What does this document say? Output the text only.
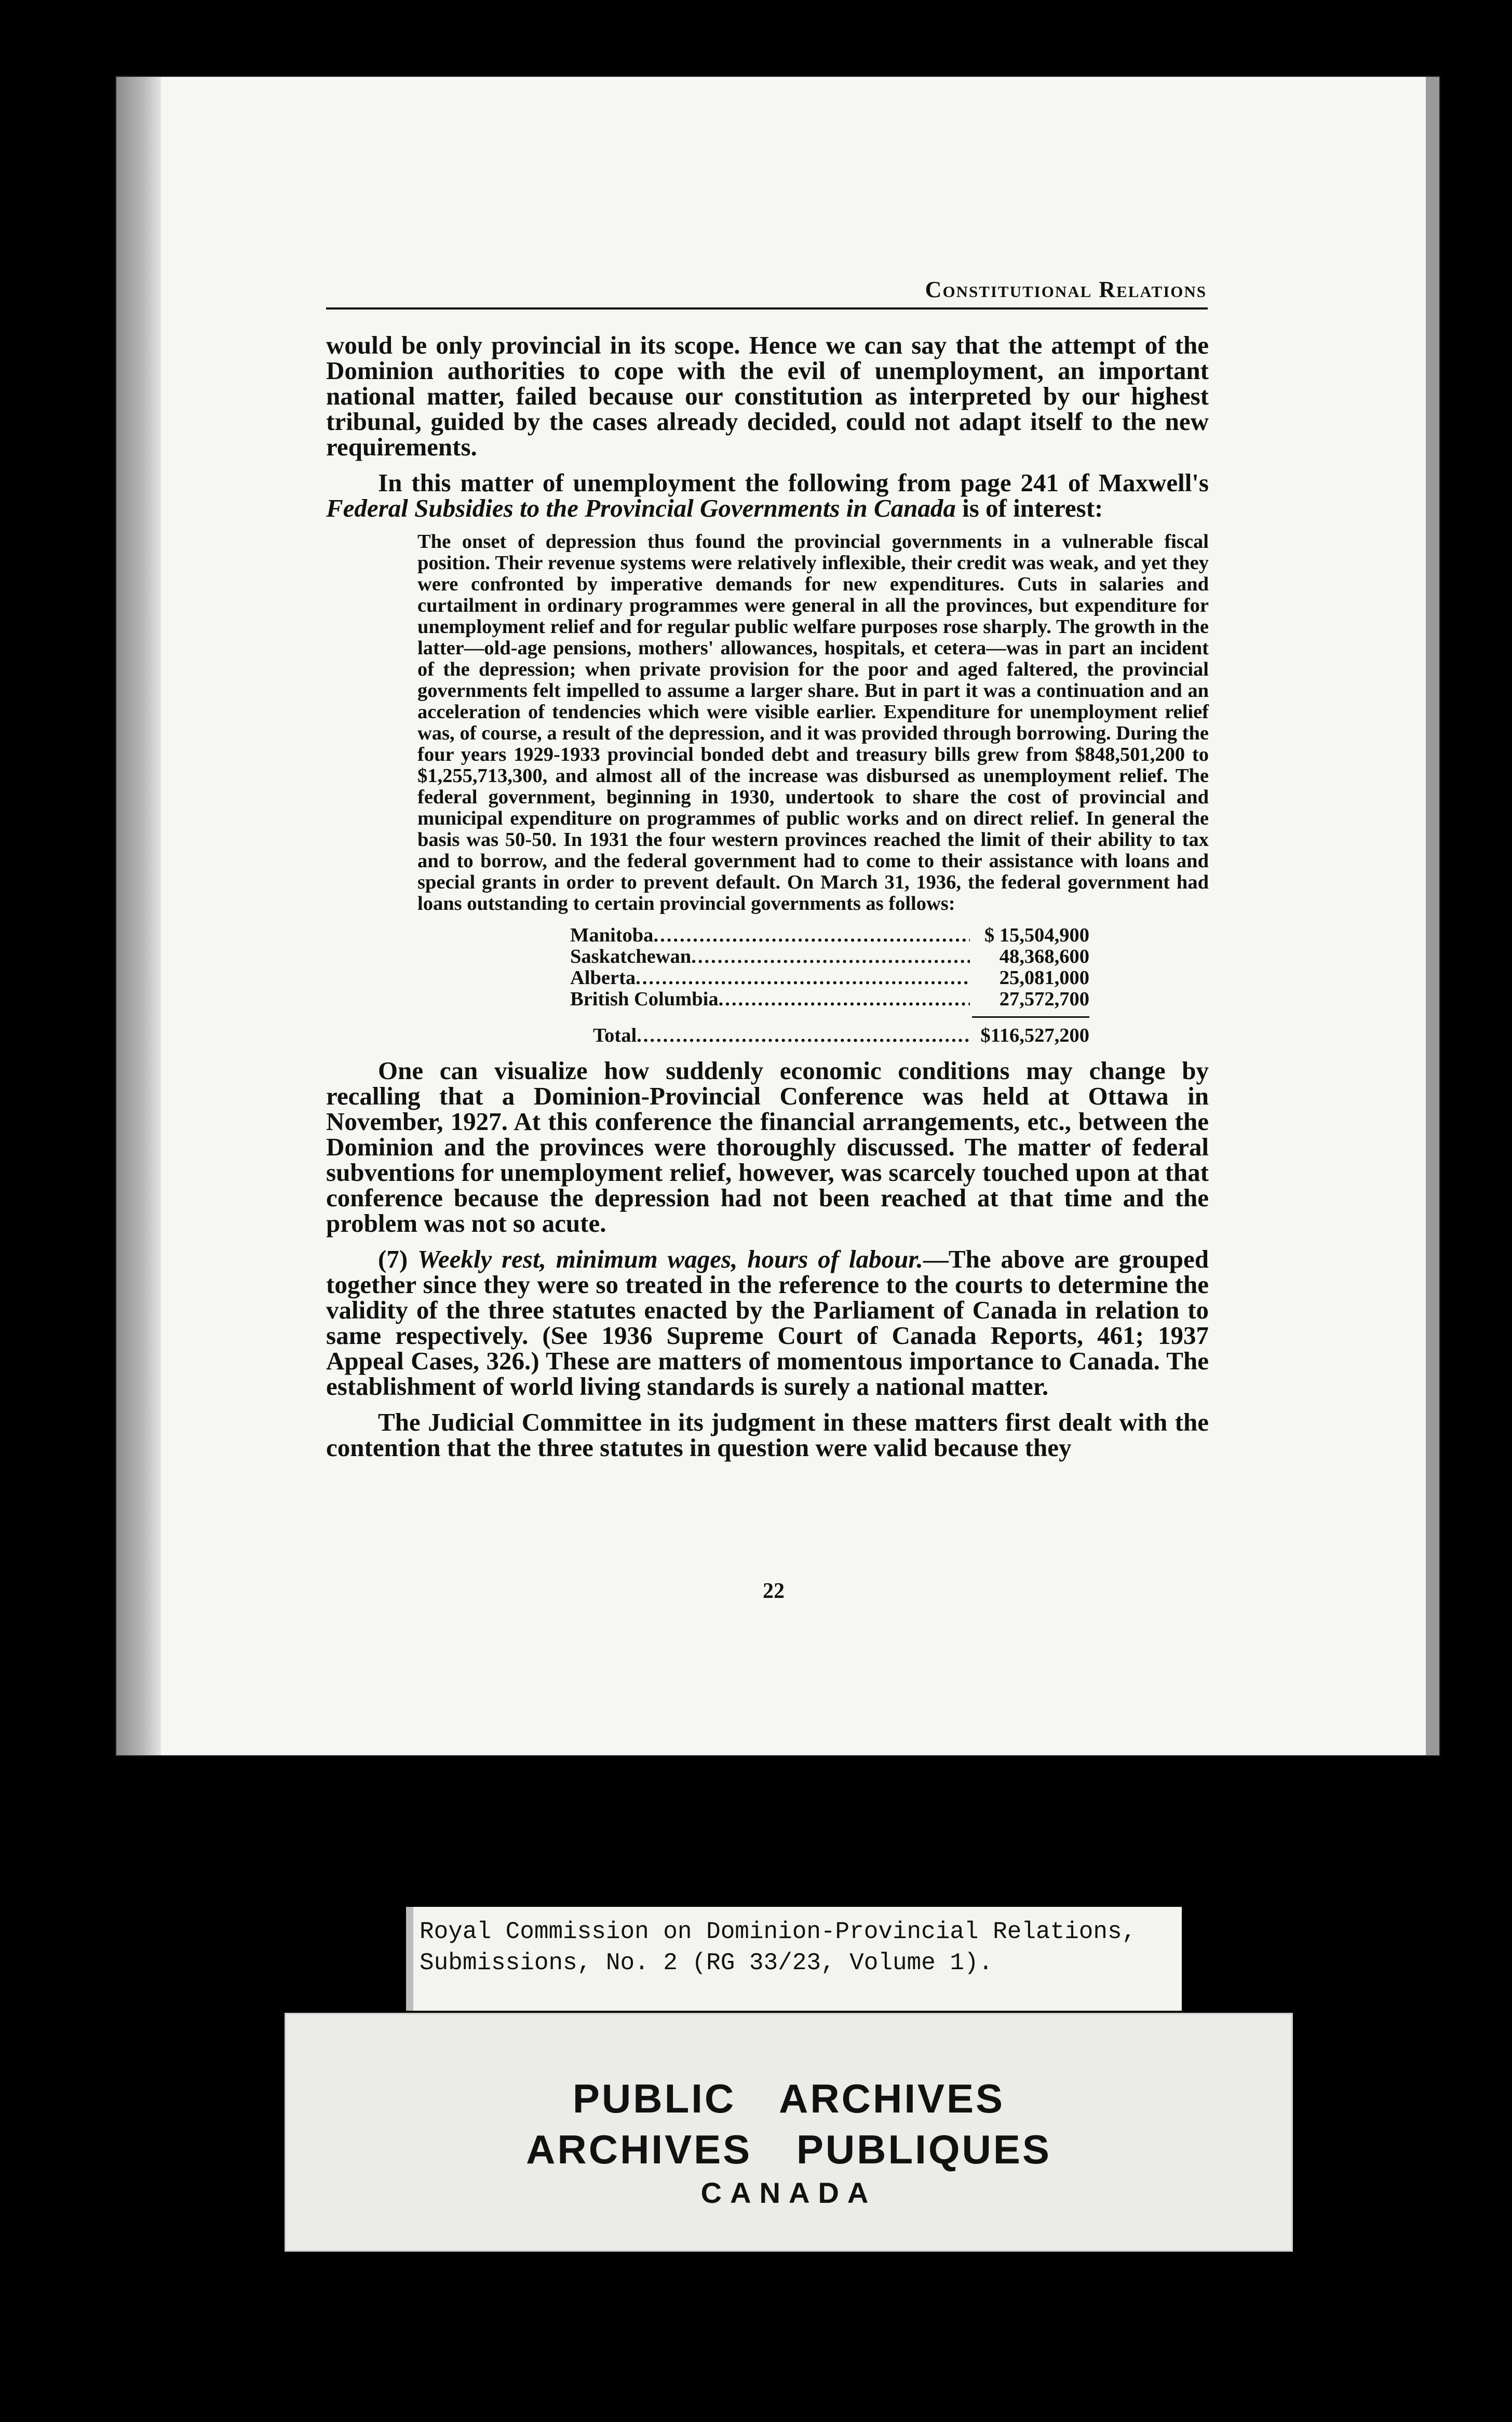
Constitutional Relations

would be only provincial in its scope. Hence we can say that the attempt of the Dominion authorities to cope with the evil of unemployment, an important national matter, failed because our constitution as interpreted by our highest tribunal, guided by the cases already decided, could not adapt itself to the new requirements.

In this matter of unemployment the following from page 241 of Maxwell's Federal Subsidies to the Provincial Governments in Canada is of interest:

The onset of depression thus found the provincial governments in a vulnerable fiscal position. Their revenue systems were relatively inflexible, their credit was weak, and yet they were confronted by imperative demands for new expenditures. Cuts in salaries and curtailment in ordinary programmes were general in all the provinces, but expenditure for unemployment relief and for regular public welfare purposes rose sharply. The growth in the latter—old-age pensions, mothers' allowances, hospitals, et cetera—was in part an incident of the depression; when private provision for the poor and aged faltered, the provincial governments felt impelled to assume a larger share. But in part it was a continuation and an acceleration of tendencies which were visible earlier. Expenditure for unemployment relief was, of course, a result of the depression, and it was provided through borrowing. During the four years 1929-1933 provincial bonded debt and treasury bills grew from $848,501,200 to $1,255,713,300, and almost all of the increase was disbursed as unemployment relief. The federal government, beginning in 1930, undertook to share the cost of provincial and municipal expenditure on programmes of public works and on direct relief. In general the basis was 50-50. In 1931 the four western provinces reached the limit of their ability to tax and to borrow, and the federal government had to come to their assistance with loans and special grants in order to prevent default. On March 31, 1936, the federal government had loans outstanding to certain provincial governments as follows:

Manitoba .....	$ 15,504,900
Saskatchewan .....	48,368,600
Alberta .....	25,081,000
British Columbia .....	27,572,700
Total .....	$116,527,200

One can visualize how suddenly economic conditions may change by recalling that a Dominion-Provincial Conference was held at Ottawa in November, 1927. At this conference the financial arrangements, etc., between the Dominion and the provinces were thoroughly discussed. The matter of federal subventions for unemployment relief, however, was scarcely touched upon at that conference because the depression had not been reached at that time and the problem was not so acute.

(7) Weekly rest, minimum wages, hours of labour.—The above are grouped together since they were so treated in the reference to the courts to determine the validity of the three statutes enacted by the Parliament of Canada in relation to same respectively. (See 1936 Supreme Court of Canada Reports, 461; 1937 Appeal Cases, 326.) These are matters of momentous importance to Canada. The establishment of world living standards is surely a national matter.

The Judicial Committee in its judgment in these matters first dealt with the contention that the three statutes in question were valid because they

22
Royal Commission on Dominion-Provincial Relations,
Submissions, No. 2 (RG 33/23, Volume 1).
PUBLIC ARCHIVES
ARCHIVES PUBLIQUES
CANADA
